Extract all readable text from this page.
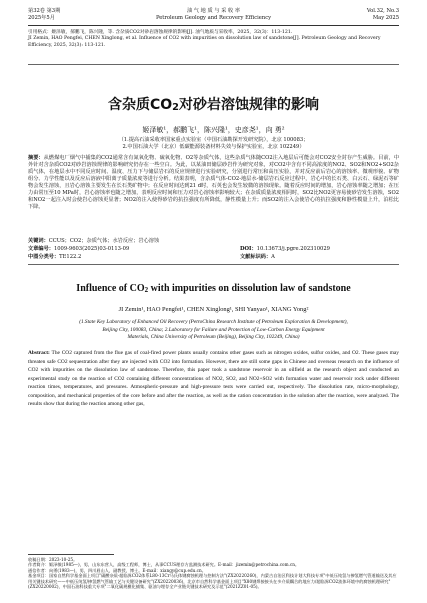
第32卷 第3期
2025年5月
油 气 地 质 与 采 收 率
Petroleum Geology and Recovery Efficiency
Vol.32, No.3
May 2025
引用格式：姬泽敏，郝鹏飞，陈兴隆，等. 含杂质CO2对砂岩溶蚀规律的影响[J]. 油气地质与采收率，2025，32(3)：113-121.
JI Zemin, HAO Pengfei, CHEN Xinglong, et al. Influence of CO2 with impurities on dissolution law of sandstone[J]. Petroleum Geology and Recovery Efficiency, 2025, 32(3): 113-121.
含杂质CO2对砂岩溶蚀规律的影响
姬泽敏¹，郝鹏飞¹，陈兴隆¹，史彦尧¹，向 勇²
（1.提高石油采收率国家重点实验室（中国石油勘探开发研究院），北京 100083；
2.中国石油大学（北京）低碳能源装备材料失效与保护实验室，北京 102249）
摘要：从燃煤电厂烟气中捕集的CO2通常含有氮氧化物、硫氧化物、O2等杂质气体，这些杂质气体随CO2注入地层后可能会对CO2安全封存产生威胁。目前，中外针对含杂质CO2对砂岩溶蚀规律的影响研究仍存在一些空白。为此，以某油田储层砂岩作为研究对象，对CO2中含有不同高浓度的NO2、SO2和NO2+SO2杂质气体，在地层水中不同反应时间、温度、压力下与储层岩石的反应规律进行实验研究，分别进行常压和高压实验，并对反应前后岩心的溶蚀率、微观形貌、矿物组分、力学性能以及反应后溶液中阳离子质量浓度等进行分析。结果表明，含杂质气体-CO2-地层水-储层岩石反应过程中，岩心中的长石类、白云石、绿泥石等矿物会发生溶蚀，且岩心溶蚀主要发生在长石类矿物中；在反应时间达到21 d时，石英也会发生较微的溶蚀现象。随着反应时间的增加，岩心溶蚀率随之增加；在压力由常压至10 MPa时，岩心溶蚀率也随之增加，表明反应时间和压力对岩心溶蚀率影响较大；在杂质质量浓度相同时，SO2比NO2更容易使砂岩发生溶蚀，SO2和NO2一起注入时会使岩心溶蚀更显著；NO2的注入使得砂岩的抗拉强度有所降低，静性模量上升；而SO2的注入会使岩心的抗拉强度和静性模量上升，泊松比下降。
关键词：CCUS；CO2；杂质气体；水岩反应；岩心溶蚀
文章编号：1009-9603(2025)03-0113-09	DOI：10.13673/j.pgre.202310029
中图分类号：TE122.2	文献标识码：A
Influence of CO2 with impurities on dissolution law of sandstone
JI Zemin¹, HAO Pengfei¹, CHEN Xinglong¹, SHI Yanyao¹, XIANG Yong²
(1.State Key Laboratory of Enhanced Oil Recovery (PetroChina Research Institute of Petroleum Exploration & Development),
Beijing City, 100083, China; 2.Laboratory for Failure and Protection of Low-Carbon Energy Equipment
Materials, China University of Petroleum (Beijing), Beijing City, 102249, China)
Abstract: The CO2 captured from the flue gas of coal-fired power plants usually contains other gases such as nitrogen oxides, sulfur oxides, and O2. These gases may threaten safe CO2 sequestration after they are injected with CO2 into formation. However, there are still some gaps in Chinese and overseas research on the influence of CO2 with impurities on the dissolution law of sandstone. Therefore, this paper took a sandstone reservoir in an oilfield as the research object and conducted an experimental study on the reaction of CO2 containing different concentrations of NO2, SO2, and NO2+SO2 with formation water and reservoir rock under different reaction times, temperatures, and pressures. Atmospheric-pressure and high-pressure tests were carried out, respectively. The dissolution rate, micro-morphology, composition, and mechanical properties of the core before and after the reaction, as well as the cation concentration in the solution after the reaction, were analyzed. The results show that during the reaction among other gas,
收稿日期：2023-10-25。
作者简介：姬泽敏(1985—)，男，山东东营人，高级工程师，博士，从事CCUS理存方监测技术研究。E-mail：jizemin@petrochina.com.cn。
通信作者：向勇(1983—)，男，四川眉山人，副教授，博士。E-mail：xiangy@cup.edu.cn。
基金项目：国家自然科学基金面上项目"碳酸杂质-超临界CO2体系L80-13Cr马氏体钢腐蚀机理与控制方法"(ZX20220260)，内蒙古自治区科技计划大科技专项"中低压纯氢与掺氢燃气管道输送及其应用关键技术研究——中低压纯氢/掺氢燃气管输工艺与关键设备研究"(ZX20220036)，北京市自然科学基金面上项目"X80钢焊接接头在多介质耦合的地应力/超临界CO2流体环境中的腐蚀机理研究"(ZX20220002)，中国石油科技重大专项"二氧化碳规模化捕集、驱油与埋存全产业链关键技术研究及示范"(2021ZZ01-05)。
